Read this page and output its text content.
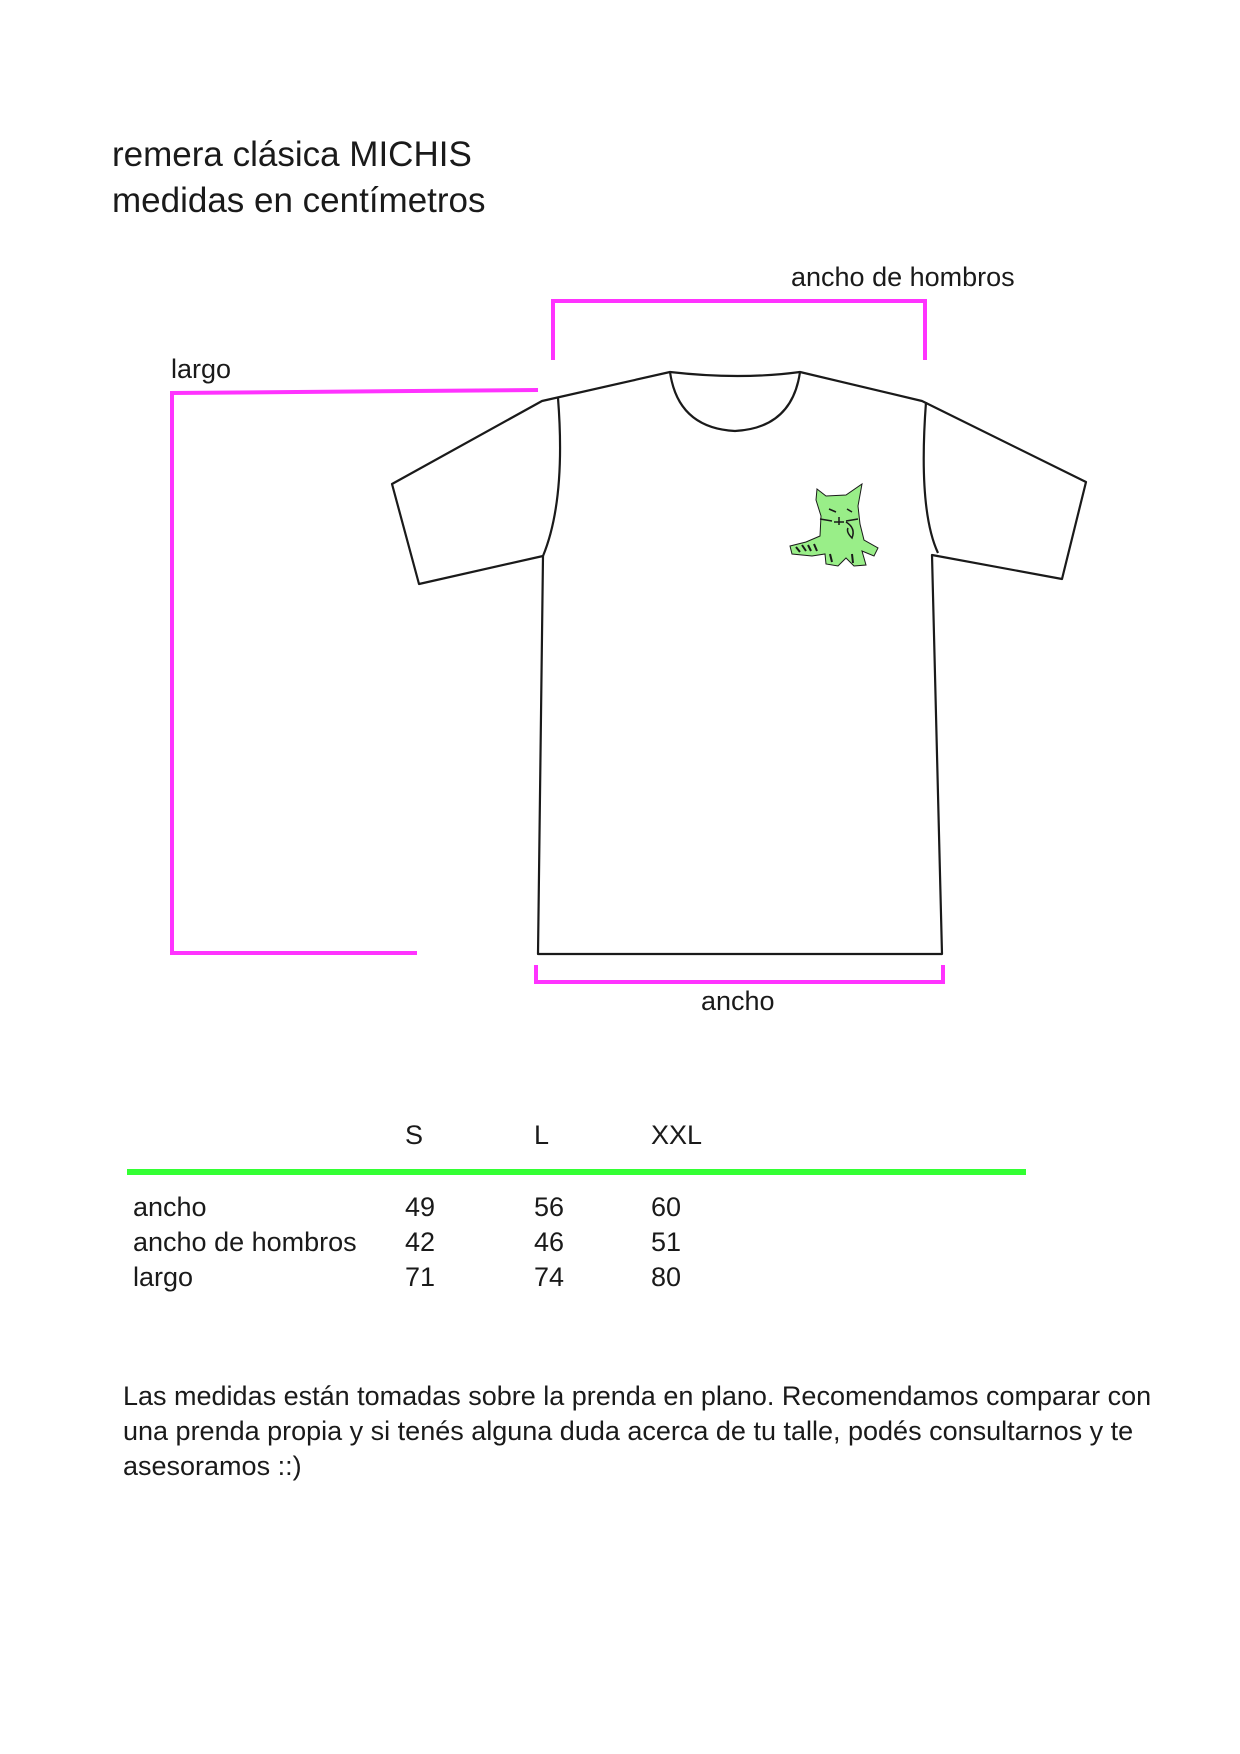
remera clásica MICHIS
medidas en centímetros
ancho de hombros
largo
ancho
	S	L	XXL

ancho	49	56	60
ancho de hombros	42	46	51
largo	71	74	80

Las medidas están tomadas sobre la prenda en plano. Recomendamos comparar con una prenda propia y si tenés alguna duda acerca de tu talle, podés consultarnos y te asesoramos ::)
